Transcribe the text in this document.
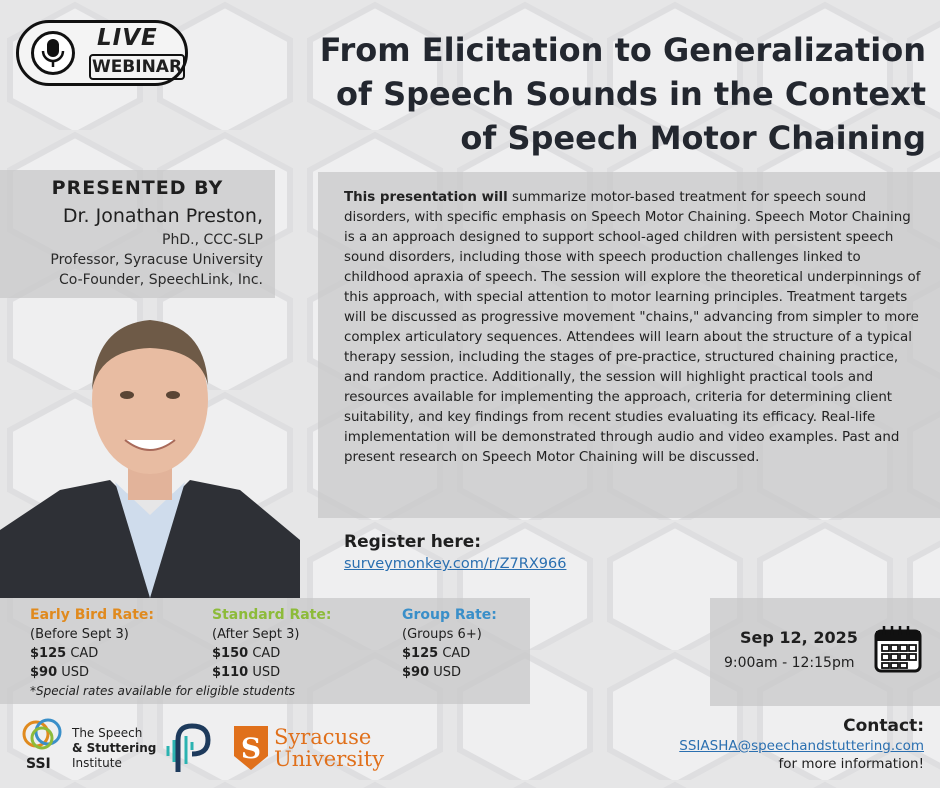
LIVE
WEBINAR	From Elicitation to Generalization
of Speech Sounds in the Context
of Speech Motor Chaining
PRESENTED BY
Dr. Jonathan Preston,
PhD., CCC-SLP
Professor, Syracuse University
Co-Founder, SpeechLink, Inc.

This presentation will summarize motor-based treatment for speech sound disorders, with specific emphasis on Speech Motor Chaining. Speech Motor Chaining is a an approach designed to support school-aged children with persistent speech sound disorders, including those with speech production challenges linked to childhood apraxia of speech. The session will explore the theoretical underpinnings of this approach, with special attention to motor learning principles. Treatment targets will be discussed as progressive movement "chains," advancing from simpler to more complex articulatory sequences. Attendees will learn about the structure of a typical therapy session, including the stages of pre-practice, structured chaining practice, and random practice. Additionally, the session will highlight practical tools and resources available for implementing the approach, criteria for determining client suitability, and key findings from recent studies evaluating its efficacy. Real-life implementation will be demonstrated through audio and video examples. Past and present research on Speech Motor Chaining will be discussed.

Register here:
surveymonkey.com/r/Z7RX966
Early Bird Rate:
(Before Sept 3)
$125 CAD
$90 USD
Standard Rate:
(After Sept 3)
$150 CAD
$110 USD
Group Rate:
(Groups 6+)
$125 CAD
$90 USD
*Special rates available for eligible students
Sep 12, 2025
9:00am - 12:15pm
SSI
The Speech
& Stuttering
Institute	S Syracuse
University
Contact:
SSIASHA@speechandstuttering.com
for more information!
